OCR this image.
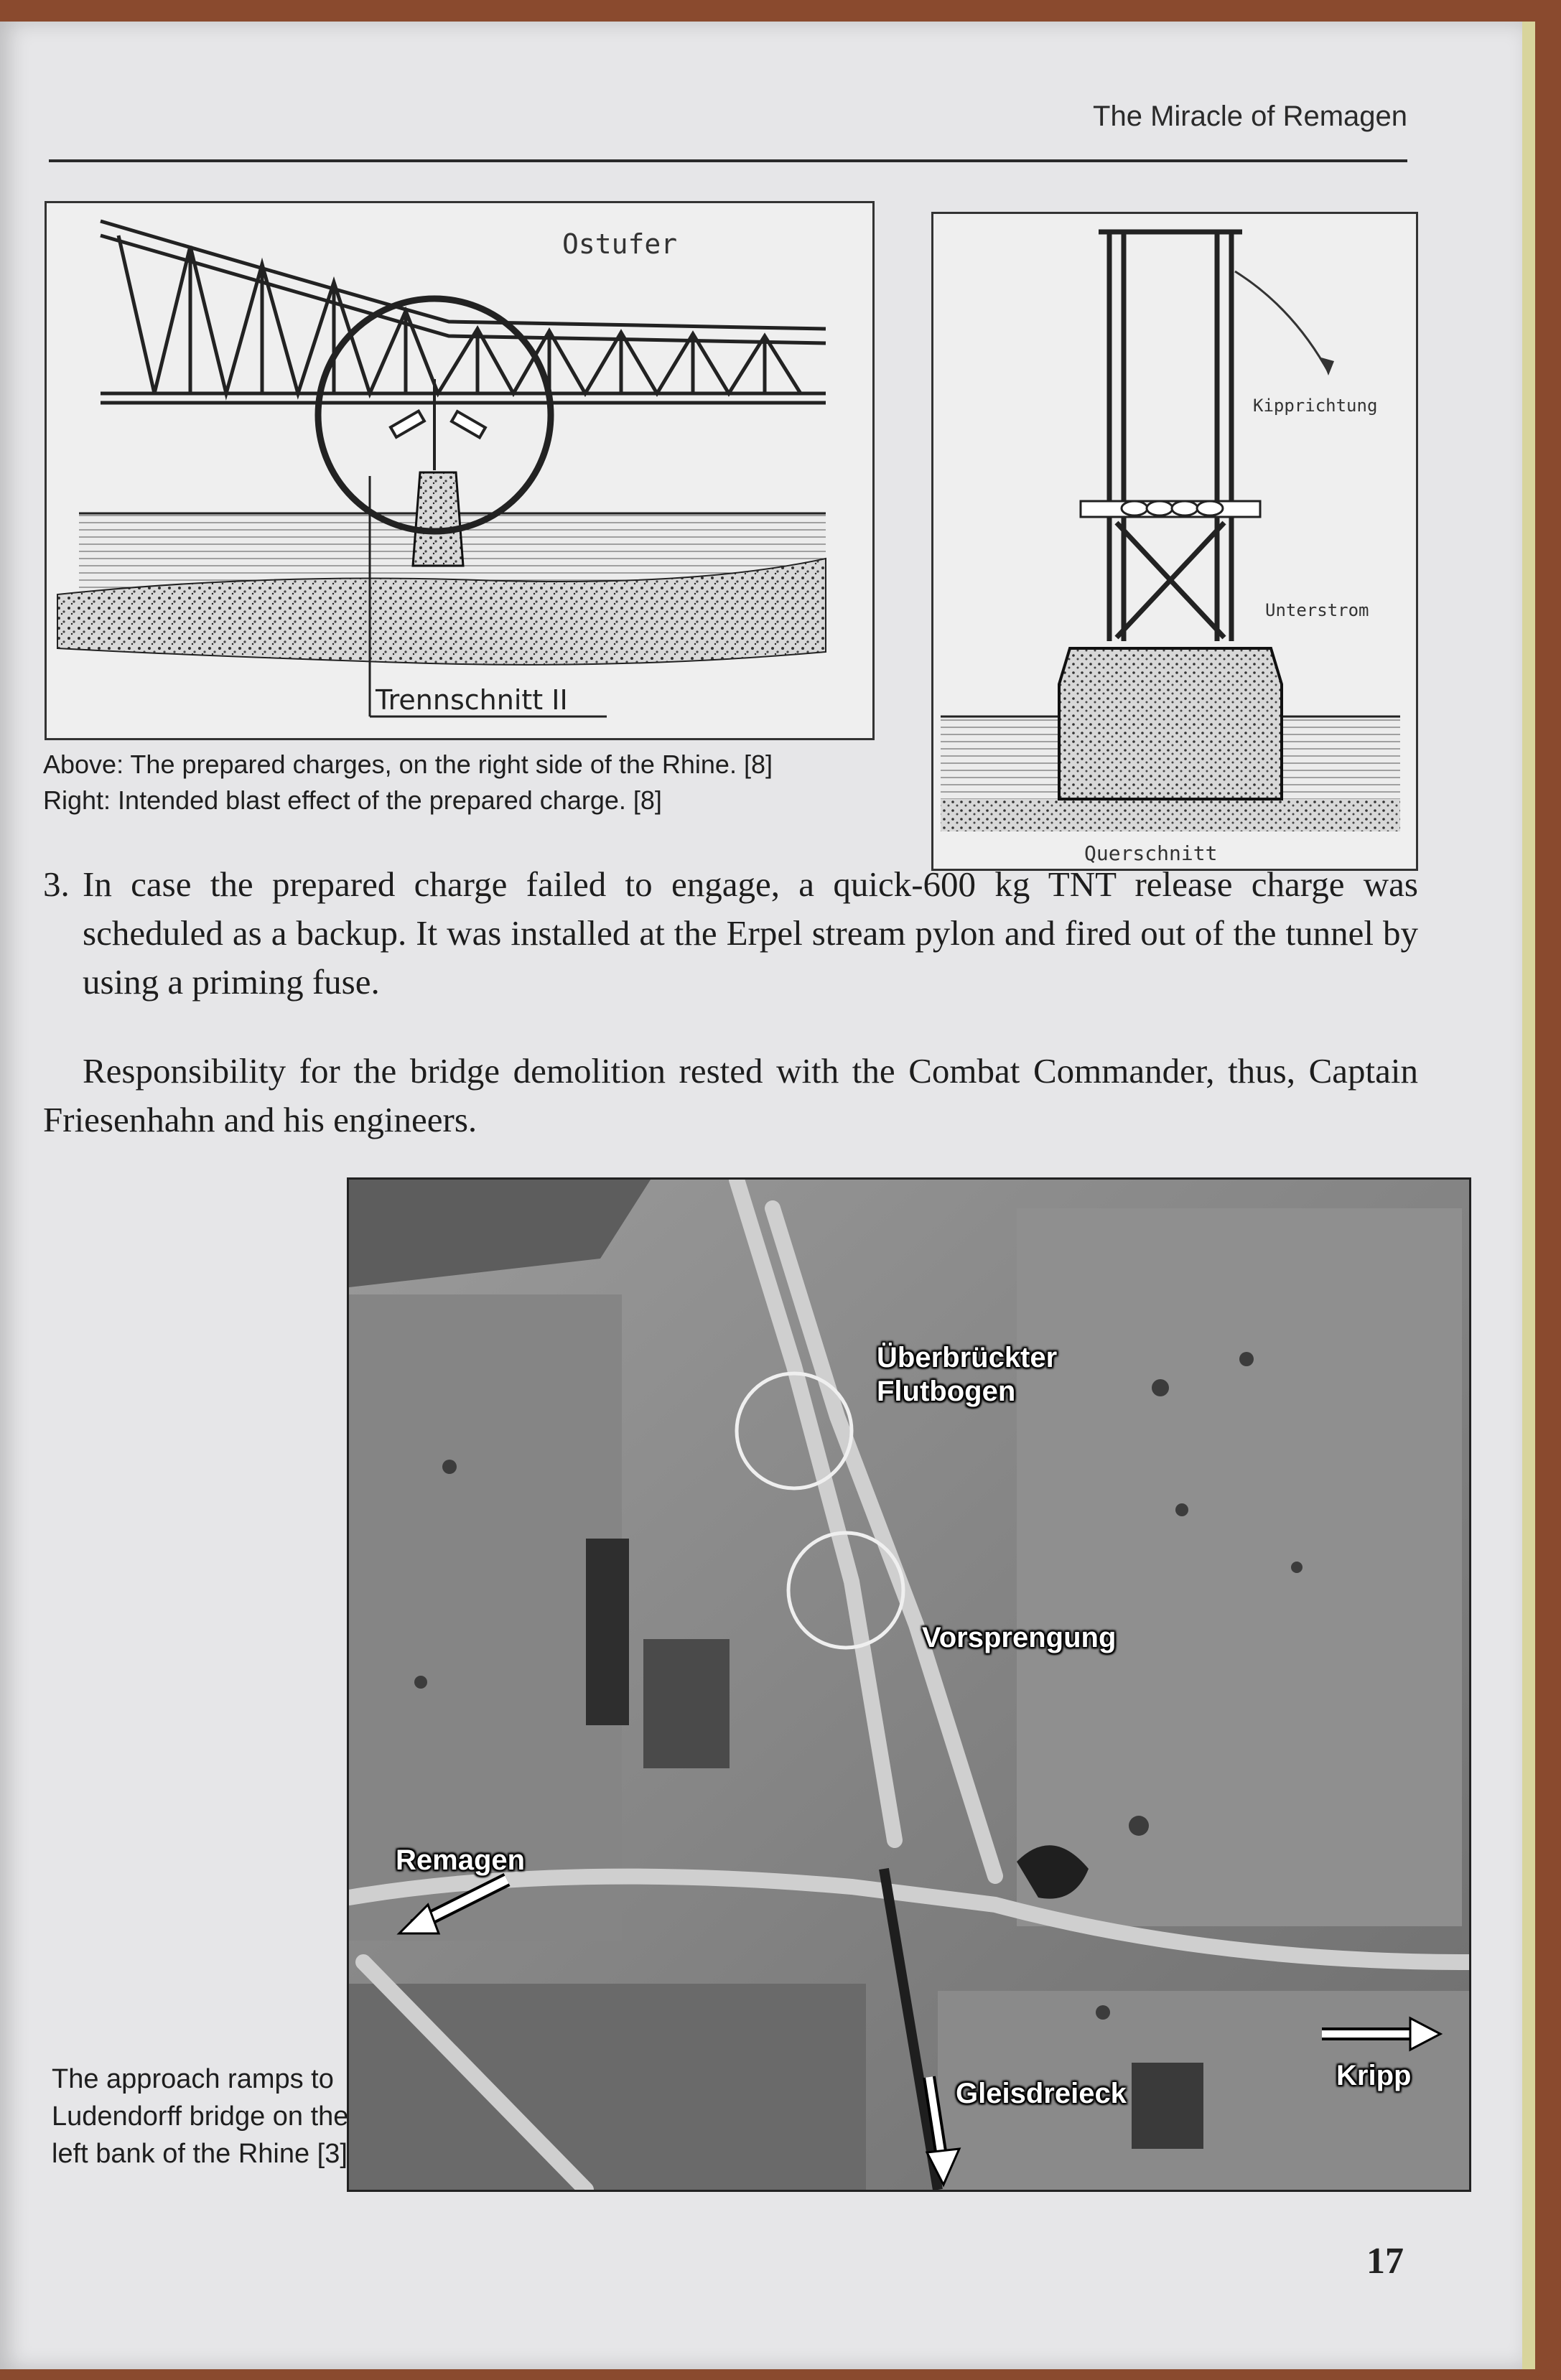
The Miracle of Remagen
Ostufer
Trennschnitt II
Kipprichtung
Unterstrom
Querschnitt
Above: The prepared charges, on the right side of the Rhine. [8]
Right: Intended blast effect of the prepared charge. [8]
3. In case the prepared charge failed to engage, a quick-600 kg TNT release charge was scheduled as a backup. It was installed at the Erpel stream pylon and fired out of the tunnel by using a priming fuse.
Responsibility for the bridge demolition rested with the Combat Commander, thus, Captain Friesenhahn and his engineers.
Überbrückter
Flutbogen
Vorsprengung
Remagen
Gleisdreieck
Kripp
The approach ramps to Ludendorff bridge on the left bank of the Rhine [3]
17
